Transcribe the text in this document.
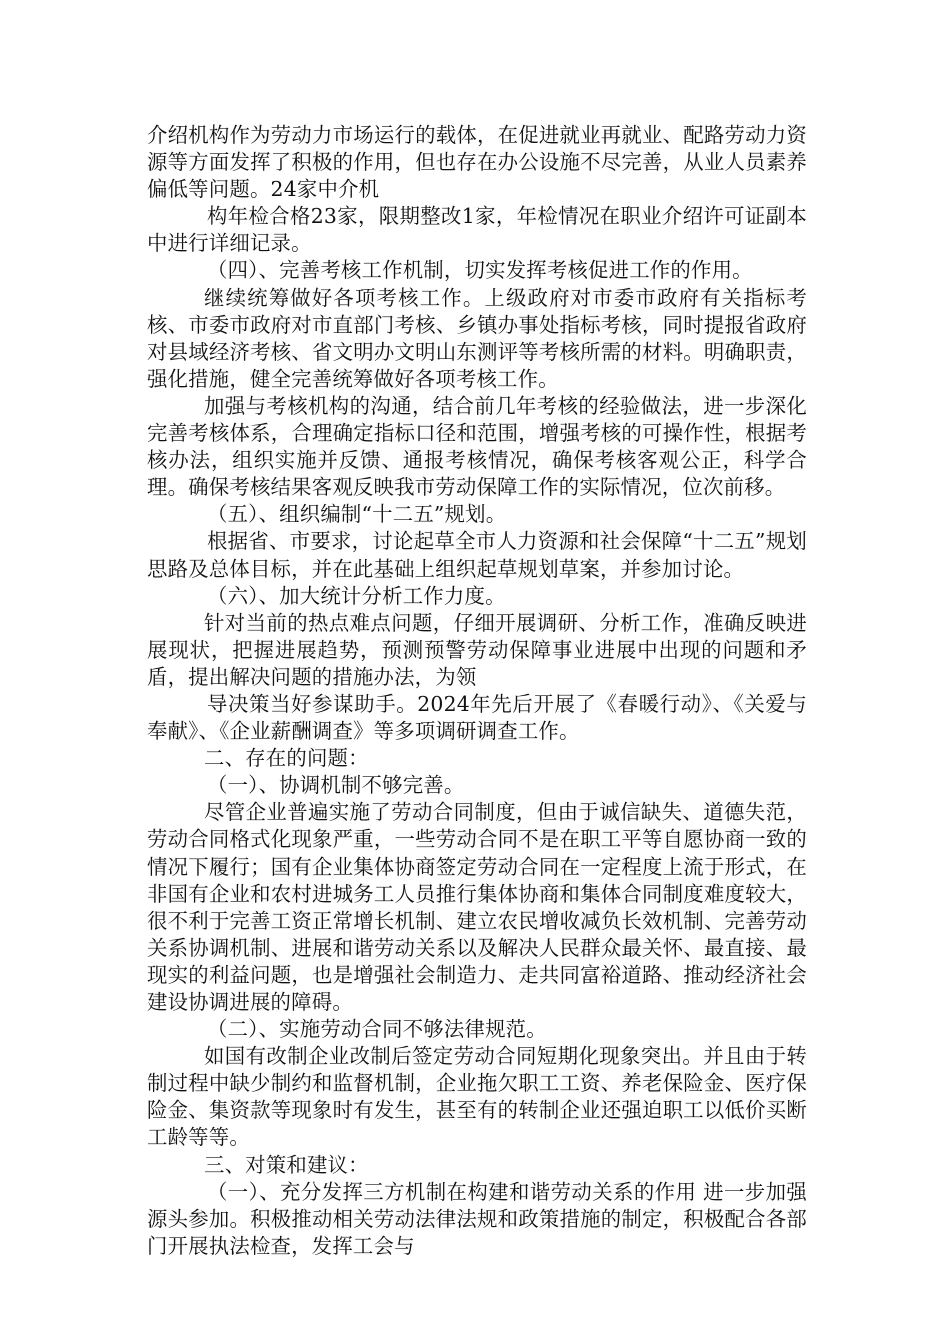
介绍机构作为劳动力市场运行的载体，在促进就业再就业、配路劳动力资源等方面发挥了积极的作用，但也存在办公设施不尽完善，从业人员素养偏低等问题。24家中介机

构年检合格23家，限期整改1家，年检情况在职业介绍许可证副本中进行详细记录。

（四）、完善考核工作机制，切实发挥考核促进工作的作用。

继续统筹做好各项考核工作。上级政府对市委市政府有关指标考核、市委市政府对市直部门考核、乡镇办事处指标考核，同时提报省政府对县域经济考核、省文明办文明山东测评等考核所需的材料。明确职责，强化措施，健全完善统筹做好各项考核工作。

加强与考核机构的沟通，结合前几年考核的经验做法，进一步深化完善考核体系，合理确定指标口径和范围，增强考核的可操作性，根据考核办法，组织实施并反馈、通报考核情况，确保考核客观公正，科学合理。确保考核结果客观反映我市劳动保障工作的实际情况，位次前移。

（五）、组织编制“十二五”规划。

根据省、市要求，讨论起草全市人力资源和社会保障“十二五”规划思路及总体目标，并在此基础上组织起草规划草案，并参加讨论。

（六）、加大统计分析工作力度。

针对当前的热点难点问题，仔细开展调研、分析工作，准确反映进展现状，把握进展趋势，预测预警劳动保障事业进展中出现的问题和矛盾，提出解决问题的措施办法，为领

导决策当好参谋助手。2024年先后开展了《春暖行动》、《关爱与奉献》、《企业薪酬调查》等多项调研调查工作。

二、存在的问题：

（一）、协调机制不够完善。

尽管企业普遍实施了劳动合同制度，但由于诚信缺失、道德失范，劳动合同格式化现象严重，一些劳动合同不是在职工平等自愿协商一致的情况下履行；国有企业集体协商签定劳动合同在一定程度上流于形式，在非国有企业和农村进城务工人员推行集体协商和集体合同制度难度较大，很不利于完善工资正常增长机制、建立农民增收减负长效机制、完善劳动关系协调机制、进展和谐劳动关系以及解决人民群众最关怀、最直接、最现实的利益问题，也是增强社会制造力、走共同富裕道路、推动经济社会建设协调进展的障碍。

（二）、实施劳动合同不够法律规范。

如国有改制企业改制后签定劳动合同短期化现象突出。并且由于转制过程中缺少制约和监督机制，企业拖欠职工工资、养老保险金、医疗保险金、集资款等现象时有发生，甚至有的转制企业还强迫职工以低价买断工龄等等。

三、对策和建议：

（一）、充分发挥三方机制在构建和谐劳动关系的作用 进一步加强源头参加。积极推动相关劳动法律法规和政策措施的制定，积极配合各部门开展执法检查，发挥工会与
